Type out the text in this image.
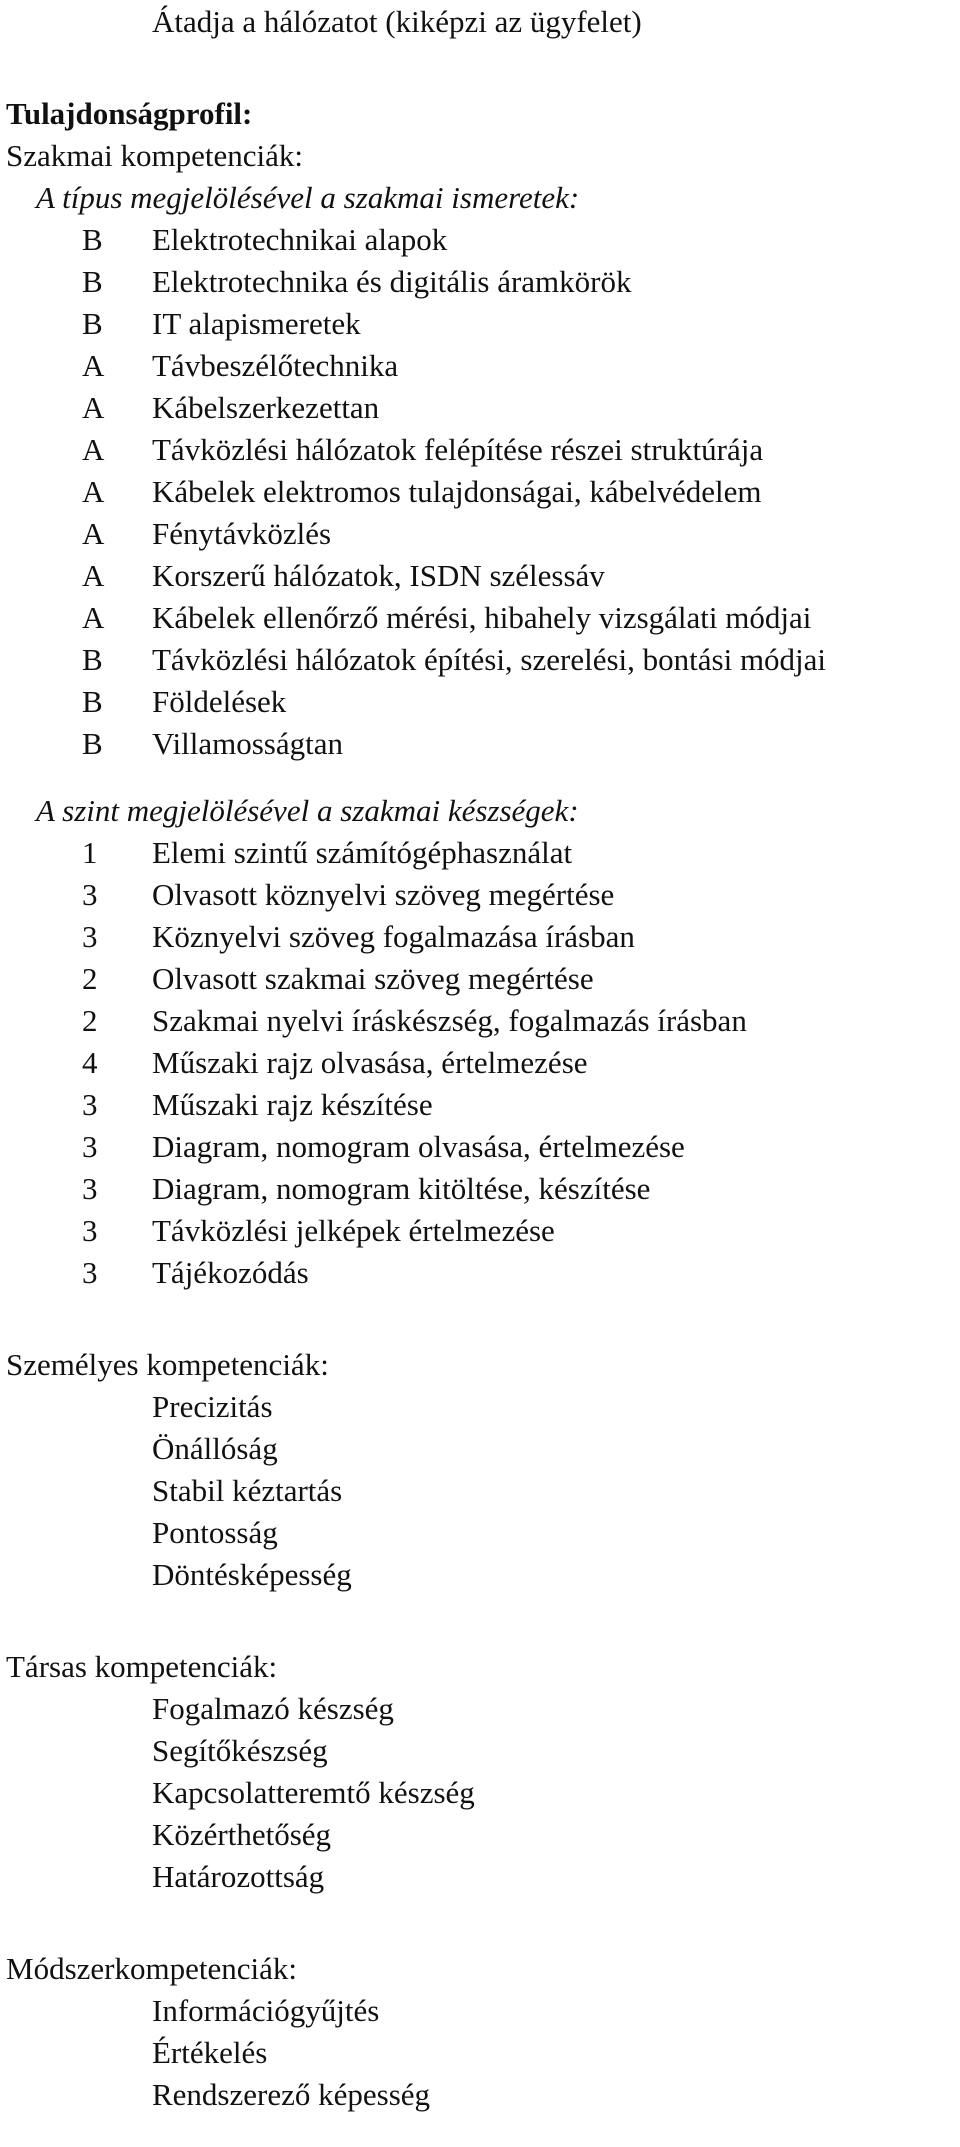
Átadja a hálózatot (kiképzi az ügyfelet)
Tulajdonságprofil:
Szakmai kompetenciák:
A típus megjelölésével a szakmai ismeretek:
B	Elektrotechnikai alapok
B	Elektrotechnika és digitális áramkörök
B	IT alapismeretek
A	Távbeszélőtechnika
A	Kábelszerkezettan
A	Távközlési hálózatok felépítése részei struktúrája
A	Kábelek elektromos tulajdonságai, kábelvédelem
A	Fénytávközlés
A	Korszerű hálózatok, ISDN szélessáv
A	Kábelek ellenőrző mérési, hibahely vizsgálati módjai
B	Távközlési hálózatok építési, szerelési, bontási módjai
B	Földelések
B	Villamosságtan
A szint megjelölésével a szakmai készségek:
1	Elemi szintű számítógéphasználat
3	Olvasott köznyelvi szöveg megértése
3	Köznyelvi szöveg fogalmazása írásban
2	Olvasott szakmai szöveg megértése
2	Szakmai nyelvi íráskészség, fogalmazás írásban
4	Műszaki rajz olvasása, értelmezése
3	Műszaki rajz készítése
3	Diagram, nomogram olvasása, értelmezése
3	Diagram, nomogram kitöltése, készítése
3	Távközlési jelképek értelmezése
3	Tájékozódás
Személyes kompetenciák:
Precizitás
Önállóság
Stabil kéztartás
Pontosság
Döntésképesség
Társas kompetenciák:
Fogalmazó készség
Segítőkészség
Kapcsolatteremtő készség
Közérthetőség
Határozottság
Módszerkompetenciák:
Információgyűjtés
Értékelés
Rendszerező képesség
